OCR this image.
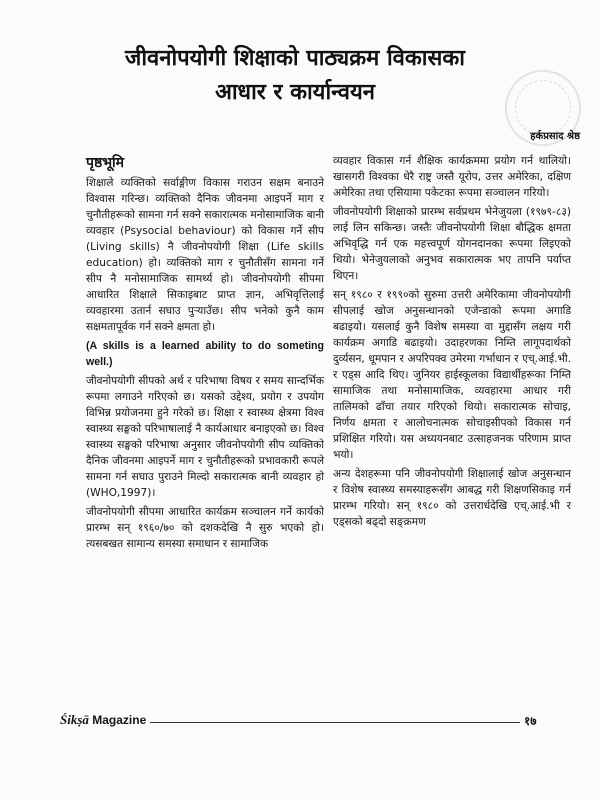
जीवनोपयोगी शिक्षाको पाठ्यक्रम विकासका
आधार र कार्यान्वयन
हर्कप्रसाद श्रेष्ठ
पृष्ठभूमि

शिक्षाले व्यक्तिको सर्वाङ्गीण विकास गराउन सक्षम बनाउने विश्वास गरिन्छ। व्यक्तिको दैनिक जीवनमा आइपर्ने माग र चुनौतीहरूको सामना गर्न सक्ने सकारात्मक मनोसामाजिक बानी व्यवहार (Psysocial behaviour) को विकास गर्ने सीप (Living skills) नै जीवनोपयोगी शिक्षा (Life skills education) हो। व्यक्तिको माग र चुनौतीसँग सामना गर्ने सीप नै मनोसामाजिक सामर्थ्य हो। जीवनोपयोगी सीपमा आधारित शिक्षाले सिकाइबाट प्राप्त ज्ञान, अभिवृत्तिलाई व्यवहारमा उतार्न सघाउ पुऱ्याउँछ। सीप भनेको कुनै काम सक्षमतापूर्वक गर्न सक्ने क्षमता हो।

(A skills is a learned ability to do someting well.)

जीवनोपयोगी सीपको अर्थ र परिभाषा विषय र समय सान्दर्भिक रूपमा लगाउने गरिएको छ। यसको उद्देश्य, प्रयोग र उपयोग विभिन्न प्रयोजनमा हुने गरेको छ। शिक्षा र स्वास्थ्य क्षेत्रमा विश्व स्वास्थ्य सङ्घको परिभाषालाई नै कार्यआधार बनाइएको छ। विश्व स्वास्थ्य सङ्घको परिभाषा अनुसार जीवनोपयोगी सीप व्यक्तिको दैनिक जीवनमा आइपर्ने माग र चुनौतीहरूको प्रभावकारी रूपले सामना गर्न सघाउ पुराउने मिल्दो सकारात्मक बानी व्यवहार हो (WHO,1997)।

जीवनोपयोगी सीपमा आधारित कार्यक्रम सञ्चालन गर्ने कार्यको प्रारम्भ सन् १९६०/७० को दशकदेखि नै सुरु भएको हो। त्यसबखत सामान्य समस्या समाधान र सामाजिक

व्यवहार विकास गर्न शैक्षिक कार्यक्रममा प्रयोग गर्न थालियो। खासगरी विश्वका धेरै राष्ट्र जस्तै यूरोप, उत्तर अमेरिका, दक्षिण अमेरिका तथा एसियामा पकेटका रूपमा सञ्चालन गरियो।

जीवनोपयोगी शिक्षाको प्रारम्भ सर्वप्रथम भेनेजुयला (१९७९-८३) लाई लिन सकिन्छ। जस्तैः जीवनोपयोगी शिक्षा बौद्धिक क्षमता अभिवृद्धि गर्न एक महत्त्वपूर्ण योगनदानका रूपमा लिइएको थियो। भेनेजुयलाको अनुभव सकारात्मक भए तापनि पर्याप्त थिएन।

सन् १९८० र १९९०को सुरुमा उत्तरी अमेरिकामा जीवनोपयोगी सीपलाई खोज अनुसन्धानको एजेन्डाको रूपमा अगाडि बढाइयो। यसलाई कुनै विशेष समस्या वा मुद्दासँग लक्षय गरी कार्यक्रम अगाडि बढाइयो। उदाहरणका निम्ति लागूपदार्थको दुर्व्यसन, धूमपान र अपरिपक्व उमेरमा गर्भाधान र एच्.आई.भी. र एड्स आदि थिए। जुनियर हाईस्कूलका विद्यार्थीहरूका निम्ति सामाजिक तथा मनोसामाजिक, व्यवहारमा आधार गरी तालिमको ढाँचा तयार गरिएको थियो। सकारात्मक सोचाइ, निर्णय क्षमता र आलोचनात्मक सोचाइसीपको विकास गर्न प्रशिक्षित गरियो। यस अध्ययनबाट उत्साहजनक परिणाम प्राप्त भयो।

अन्य देशहरूमा पनि जीवनोपयोगी शिक्षालाई खोज अनुसन्धान र विशेष स्वास्थ्य समस्याहरूसँग आबद्ध गरी शिक्षणसिकाइ गर्न प्रारम्भ गरियो। सन् १९८० को उत्तरार्धदेखि एच्.आई.भी र एड्सको बढ्दो सङ्क्रमण

Śikṣā Magazine	१७
